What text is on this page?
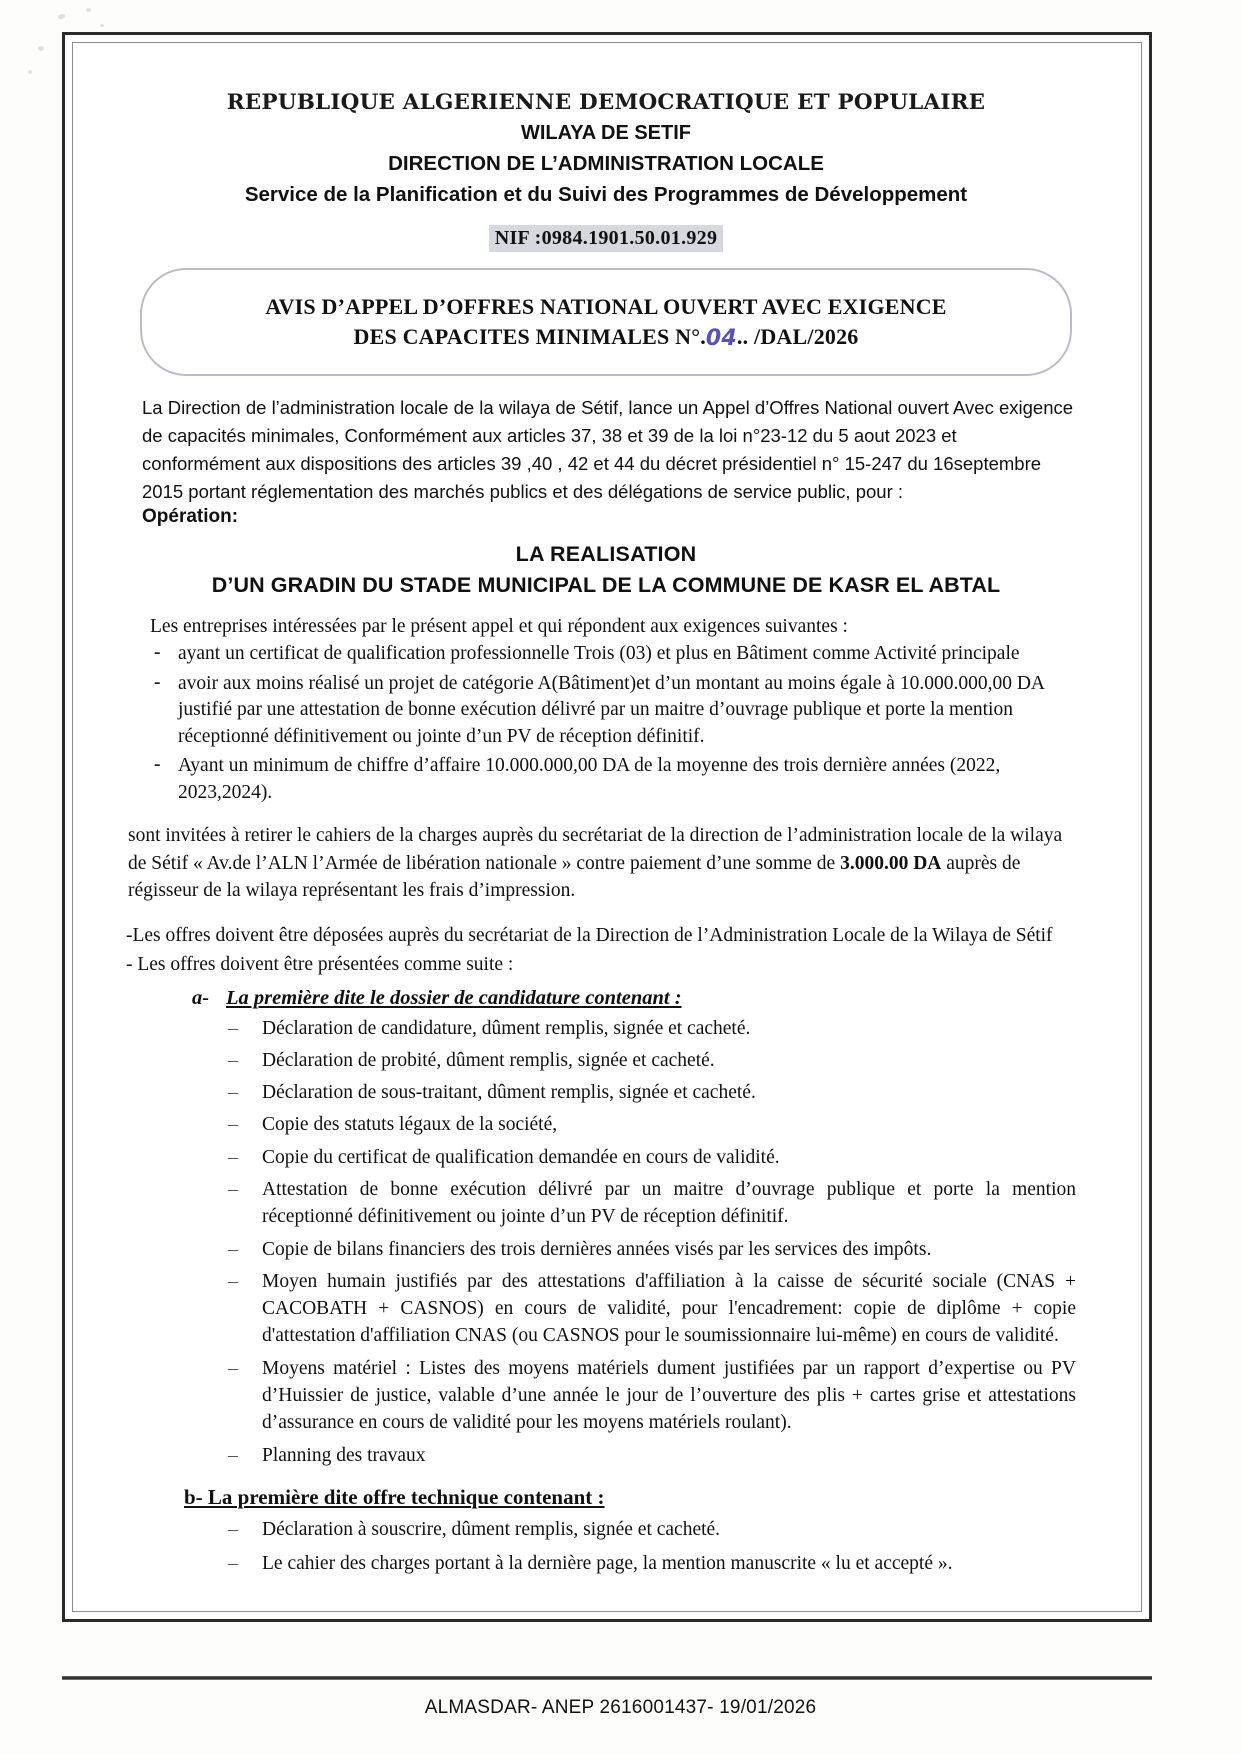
REPUBLIQUE ALGERIENNE DEMOCRATIQUE ET POPULAIRE
WILAYA DE SETIF
DIRECTION DE L’ADMINISTRATION LOCALE
Service de la Planification et du Suivi des Programmes de Développement
NIF :0984.1901.50.01.929
AVIS D’APPEL D’OFFRES NATIONAL OUVERT AVEC EXIGENCE
DES CAPACITES MINIMALES N°.04.. /DAL/2026
La Direction de l’administration locale de la wilaya de Sétif, lance un Appel d’Offres National ouvert Avec exigence de capacités minimales, Conformément aux articles 37, 38 et 39 de la loi n°23-12 du 5 aout 2023 et conformément aux dispositions des articles 39 ,40 , 42 et 44 du décret présidentiel n° 15-247 du 16septembre 2015 portant réglementation des marchés publics et des délégations de service public, pour :
Opération:
LA REALISATION
D’UN GRADIN DU STADE MUNICIPAL DE LA COMMUNE DE KASR EL ABTAL
Les entreprises intéressées par le présent appel et qui répondent aux exigences suivantes :
- ayant un certificat de qualification professionnelle Trois (03) et plus en Bâtiment comme Activité principale
- avoir aux moins réalisé un projet de catégorie A(Bâtiment)et d’un montant au moins égale à 10.000.000,00 DA justifié par une attestation de bonne exécution délivré par un maitre d’ouvrage publique et porte la mention réceptionné définitivement ou jointe d’un PV de réception définitif.
- Ayant un minimum de chiffre d’affaire 10.000.000,00 DA de la moyenne des trois dernière années (2022, 2023,2024).
sont invitées à retirer le cahiers de la charges auprès du secrétariat de la direction de l’administration locale de la wilaya de Sétif « Av.de l’ALN l’Armée de libération nationale » contre paiement d’une somme de 3.000.00 DA auprès de régisseur de la wilaya représentant les frais d’impression.
-Les offres doivent être déposées auprès du secrétariat de la Direction de l’Administration Locale de la Wilaya de Sétif
- Les offres doivent être présentées comme suite :
a- La première dite le dossier de candidature contenant :
– Déclaration de candidature, dûment remplis, signée et cacheté.
– Déclaration de probité, dûment remplis, signée et cacheté.
– Déclaration de sous-traitant, dûment remplis, signée et cacheté.
– Copie des statuts légaux de la société,
– Copie du certificat de qualification demandée en cours de validité.
– Attestation de bonne exécution délivré par un maitre d’ouvrage publique et porte la mention réceptionné définitivement ou jointe d’un PV de réception définitif.
– Copie de bilans financiers des trois dernières années visés par les services des impôts.
– Moyen humain justifiés par des attestations d'affiliation à la caisse de sécurité sociale (CNAS + CACOBATH + CASNOS) en cours de validité, pour l'encadrement: copie de diplôme + copie d'attestation d'affiliation CNAS (ou CASNOS pour le soumissionnaire lui-même) en cours de validité.
– Moyens matériel : Listes des moyens matériels dument justifiées par un rapport d’expertise ou PV d’Huissier de justice, valable d’une année le jour de l’ouverture des plis + cartes grise et attestations d’assurance en cours de validité pour les moyens matériels roulant).
– Planning des travaux
b- La première dite offre technique contenant :
– Déclaration à souscrire, dûment remplis, signée et cacheté.
– Le cahier des charges portant à la dernière page, la mention manuscrite « lu et accepté ».
ALMASDAR- ANEP 2616001437- 19/01/2026
